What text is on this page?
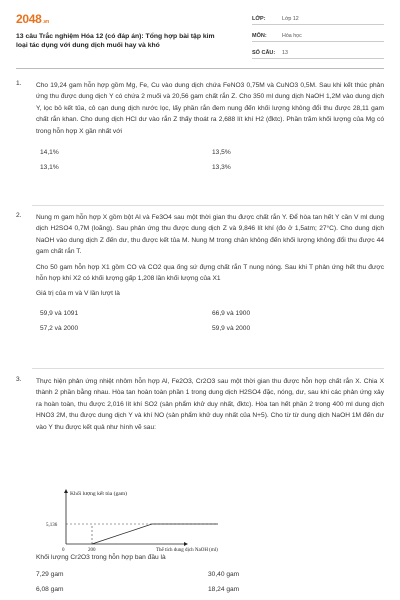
2048.vn
13 câu Trắc nghiệm Hóa 12 (có đáp án): Tổng hợp bài tập kim loại tác dụng với dung dịch muối hay và khó
LỚP:	Lớp 12
MÔN:	Hóa học
SỐ CÂU:	13
1. Cho 19,24 gam hỗn hợp gồm Mg, Fe, Cu vào dung dịch chứa FeNO3 0,75M và CuNO3 0,5M. Sau khi kết thúc phản ứng thu được dung dịch Y có chứa 2 muối và 20,56 gam chất rắn Z. Cho 350 ml dung dịch NaOH 1,2M vào dung dịch Y, lọc bỏ kết tủa, cô cạn dung dịch nước lọc, lấy phần rắn đem nung đến khối lượng không đổi thu được 28,11 gam chất rắn khan. Cho dung dịch HCl dư vào rắn Z thấy thoát ra 2,688 lít khí H2 (đktc). Phần trăm khối lượng của Mg có trong hỗn hợp X gần nhất với

14,1%	13,5%
13,1%	13,3%
2. Nung m gam hỗn hợp X gồm bột Al và Fe3O4 sau một thời gian thu được chất rắn Y. Để hòa tan hết Y cần V ml dung dịch H2SO4 0,7M (loãng). Sau phản ứng thu được dung dịch Z và 9,846 lít khí (đo ở 1,5atm; 27°C). Cho dung dịch NaOH vào dung dịch Z đến dư, thu được kết tủa M. Nung M trong chân không đến khối lượng không đổi thu được 44 gam chất rắn T.

Cho 50 gam hỗn hợp X1 gồm CO và CO2 qua ống sứ đựng chất rắn T nung nóng. Sau khi T phản ứng hết thu được hỗn hợp khí X2 có khối lượng gấp 1,208 lần khối lượng của X1

Giá trị của m và V lần lượt là

59,9 và 1091	66,9 và 1900
57,2 và 2000	59,9 và 2000
3. Thực hiện phản ứng nhiệt nhôm hỗn hợp Al, Fe2O3, Cr2O3 sau một thời gian thu được hỗn hợp chất rắn X. Chia X thành 2 phần bằng nhau. Hòa tan hoàn toàn phần 1 trong dung dịch H2SO4 đặc, nóng, dư, sau khi các phản ứng xảy ra hoàn toàn, thu được 2,016 lít khí SO2 (sản phẩm khử duy nhất, đktc). Hòa tan hết phần 2 trong 400 ml dung dịch HNO3 2M, thu được dung dịch Y và khí NO (sản phẩm khử duy nhất của N+5). Cho từ từ dung dịch NaOH 1M đến dư vào Y thu được kết quả như hình vẽ sau:

Khối lượng kết tủa (gam)
5,136
0	200	Thể tích dung dịch NaOH (ml)

Khối lượng Cr2O3 trong hỗn hợp ban đầu là

7,29 gam	30,40 gam
6,08 gam	18,24 gam
